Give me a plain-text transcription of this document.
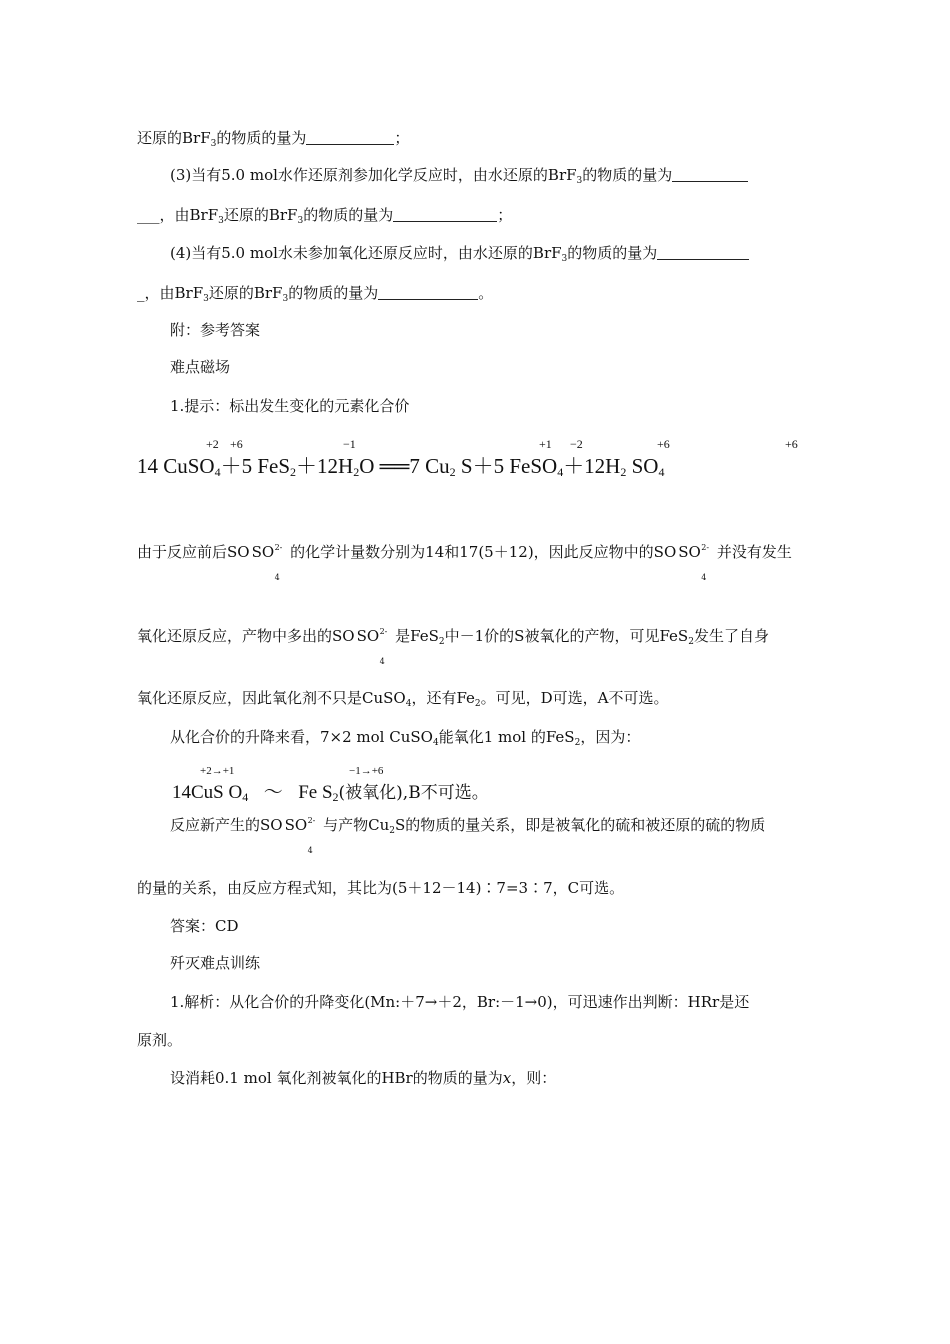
还原的BrF$_3$的物质的量为	；
(3)当有5.0 mol水作还原剂参加化学反应时，由水还原的BrF$_3$的物质的量为
___，由BrF$_3$还原的BrF$_3$的物质的量为	；
(4)当有5.0 mol水未参加氧化还原反应时，由水还原的BrF$_3$的物质的量为
_，由BrF$_3$还原的BrF$_3$的物质的量为	。
附：参考答案
难点磁场
1.提示：标出发生变化的元素化合价
+2 +6	−1	+1 −2	+6	+6
14 CuSO4＋5 FeS2＋12H2O ══7 Cu2 S＋5 FeSO4＋12H2 SO4
由于反应前后SO SO 2-
4
的化学计量数分别为14和17(5＋12)，因此反应物中的SO SO 2-
4
并没有发生
氧化还原反应，产物中多出的SO SO 2-
4
是FeS$_2$中－1价的S被氧化的产物，可见FeS$_2$发生了自身
氧化还原反应，因此氧化剂不只是CuSO$_4$，还有$Fe_2$。可见，D可选，A不可选。
从化合价的升降来看，7×2 mol CuSO$_4$能氧化1 mol 的FeS$_2$，因为：
+2→+1	−1→+6
14CuS O4 ～ Fe S2(被氧化),B不可选。
反应新产生的SO SO 2-
4
与产物$Cu_2S$的物质的量关系，即是被氧化的硫和被还原的硫的物质
的量的关系，由反应方程式知，其比为(5＋12－14)∶7=3∶7，C可选。
答案：CD
歼灭难点训练
1.解析：从化合价的升降变化(Mn:＋7→＋2，Br:－1→0)，可迅速作出判断：HRr是还
原剂。
设消耗0.1 mol 氧化剂被氧化的HBr的物质的量为x，则：
